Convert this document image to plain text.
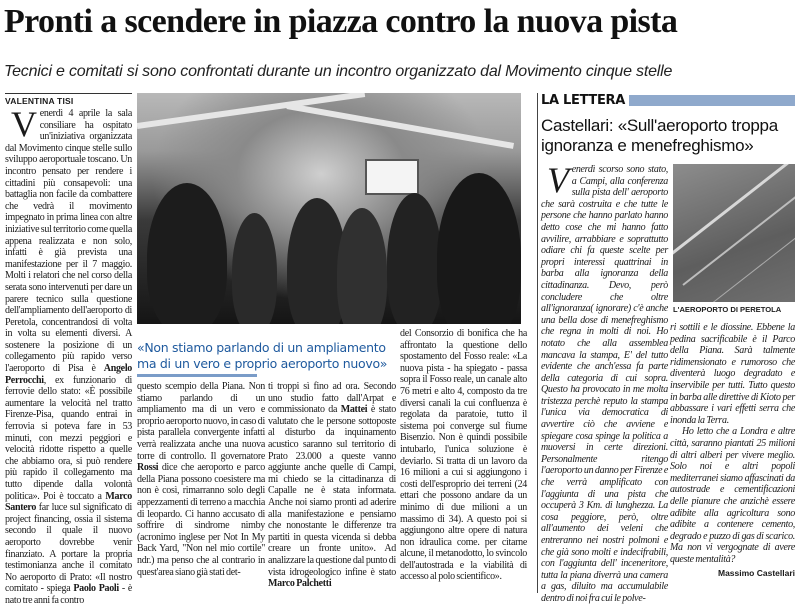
Pronti a scendere in piazza contro la nuova pista
Tecnici e comitati si sono confrontati durante un incontro organizzato dal Movimento cinque stelle
VALENTINA TISI

Venerdì 4 aprile la sala consiliare ha ospitato un'iniziativa organizzata dal Movimento cinque stelle sullo sviluppo aeroportuale toscano. Un incontro pensato per rendere i cittadini più consapevoli: una battaglia non facile da combattere che vedrà il movimento impegnato in prima linea con altre iniziative sul territorio come quella appena realizzata e non solo, infatti è già prevista una manifestazione per il 7 maggio. Molti i relatori che nel corso della serata sono intervenuti per dare un parere tecnico sulla questione dell'ampliamento dell'aeroporto di Peretola, concentrandosi di volta in volta su elementi diversi. A sostenere la posizione di un collegamento più rapido verso l'aeroporto di Pisa è Angelo Perrocchi, ex funzionario di ferrovie dello stato: «È possibile aumentare la velocità nel tratto Firenze-Pisa, quando entrai in ferrovia si poteva fare in 53 minuti, con mezzi peggiori e velocità ridotte rispetto a quelle che abbiamo ora, si può rendere più rapido il collegamento ma tutto dipende dalla volontà politica». Poi è toccato a Marco Santero far luce sul significato di project financing, ossia il sistema secondo il quale il nuovo aeroporto dovrebbe venir finanziato. A portare la propria testimonianza anche il comitato No aeroporto di Prato: «Il nostro comitato - spiega Paolo Paoli - è nato tre anni fa contro

«Non stiamo parlando di un ampliamento ma di un vero e proprio aeroporto nuovo»

questo scempio della Piana. Non stiamo parlando di un ampliamento ma di un vero e proprio aeroporto nuovo, in caso di pista parallela convergente infatti verrà realizzata anche una nuova torre di controllo. Il governatore Rossi dice che aeroporto e parco della Piana possono coesistere ma non è così, rimarranno solo degli appezzamenti di terreno a macchia di leopardo. Ci hanno accusato di soffrire di sindrome nimby (acronimo inglese per Not In My Back Yard, "Non nel mio cortile" ndr.) ma penso che al contrario in quest'area siano già stati det-

ti troppi sì fino ad ora. Secondo uno studio fatto dall'Arpat e commissionato da Mattei è stato valutato che le persone sottoposte al disturbo da inquinamento acustico saranno sul territorio di Prato 23.000 a queste vanno aggiunte anche quelle di Campi, mi chiedo se la cittadinanza di Capalle ne è stata informata. Anche noi siamo pronti ad aderire alla manifestazione e pensiamo che nonostante le differenze tra partiti in questa vicenda si debba creare un fronte unito». Ad analizzare la questione dal punto di vista idrogeologico infine è stato Marco Palchetti

del Consorzio di bonifica che ha affrontato la questione dello spostamento del Fosso reale: «La nuova pista - ha spiegato - passa sopra il Fosso reale, un canale alto 76 metri e alto 4, composto da tre diversi canali la cui confluenza è regolata da paratoie, tutto il sistema poi converge sul fiume Bisenzio. Non è quindi possibile intubarlo, l'unica soluzione è deviarlo. Si tratta di un lavoro da 16 milioni a cui si aggiungono i costi dell'esproprio dei terreni (24 ettari che possono andare da un minimo di due milioni a un massimo di 34). A questo poi si aggiungono altre opere di natura non idraulica come. per citarne alcune, il metanodotto, lo svincolo dell'autostrada e la viabilità di accesso al polo scientifico».

LA LETTERA
Castellari: «Sull'aeroporto troppa ignoranza e menefreghismo»

Venerdì scorso sono stato, a Campi, alla conferenza sulla pista dell' aeroporto che sarà costruita e che tutte le persone che hanno parlato hanno detto cose che mi hanno fatto avvilire, arrabbiare e soprattutto odiare chi fa queste scelte per propri interessi quattrinai in barba alla ignoranza della cittadinanza. Devo, però concludere che oltre all'ignoranza( ignorare) c'è anche una bella dose di menefreghismo che regna in molti di noi. Ho notato che alla assemblea mancava la stampa, E' del tutto evidente che anch'essa fa parte della categoria di cui sopra. Questo ha provocato in me molta tristezza perchè reputo la stampa l'unica via democratica di avvertire ciò che avviene e spiegare cosa spinge la politica a muoversi in certe direzioni. Personalmente ritengo l'aeroporto un danno per Firenze e che verrà amplificato con l'aggiunta di una pista che occuperà 3 Km. di lunghezza. La cosa peggiore, però, oltre all'aumento dei veleni che entreranno nei nostri polmoni e che già sono molti e indecifrabili, con l'aggiunta dell' inceneritore, tutta la piana diverrà una camera a gas, diluito ma accumulabile dentro di noi fra cui le polve-

L'AEROPORTO DI PERETOLA

ri sottili e le diossine. Ebbene la pedina sacrificabile è il Parco della Piana. Sarà talmente ridimensionato e rumoroso che diventerà luogo degradato e inservibile per tutti. Tutto questo in barba alle direttive di Kioto per abbassare i vari effetti serra che inonda la Terra.

Ho letto che a Londra e altre città, saranno piantati 25 milioni di altri alberi per vivere meglio. Solo noi e altri popoli mediterranei siamo affascinati da autostrade e cementificazioni delle pianure che anzichè essere adibite alla agricoltura sono adibite a contenere cemento, degrado e puzzo di gas di scarico. Ma non vi vergognate di avere queste mentalità?

Massimo Castellari
